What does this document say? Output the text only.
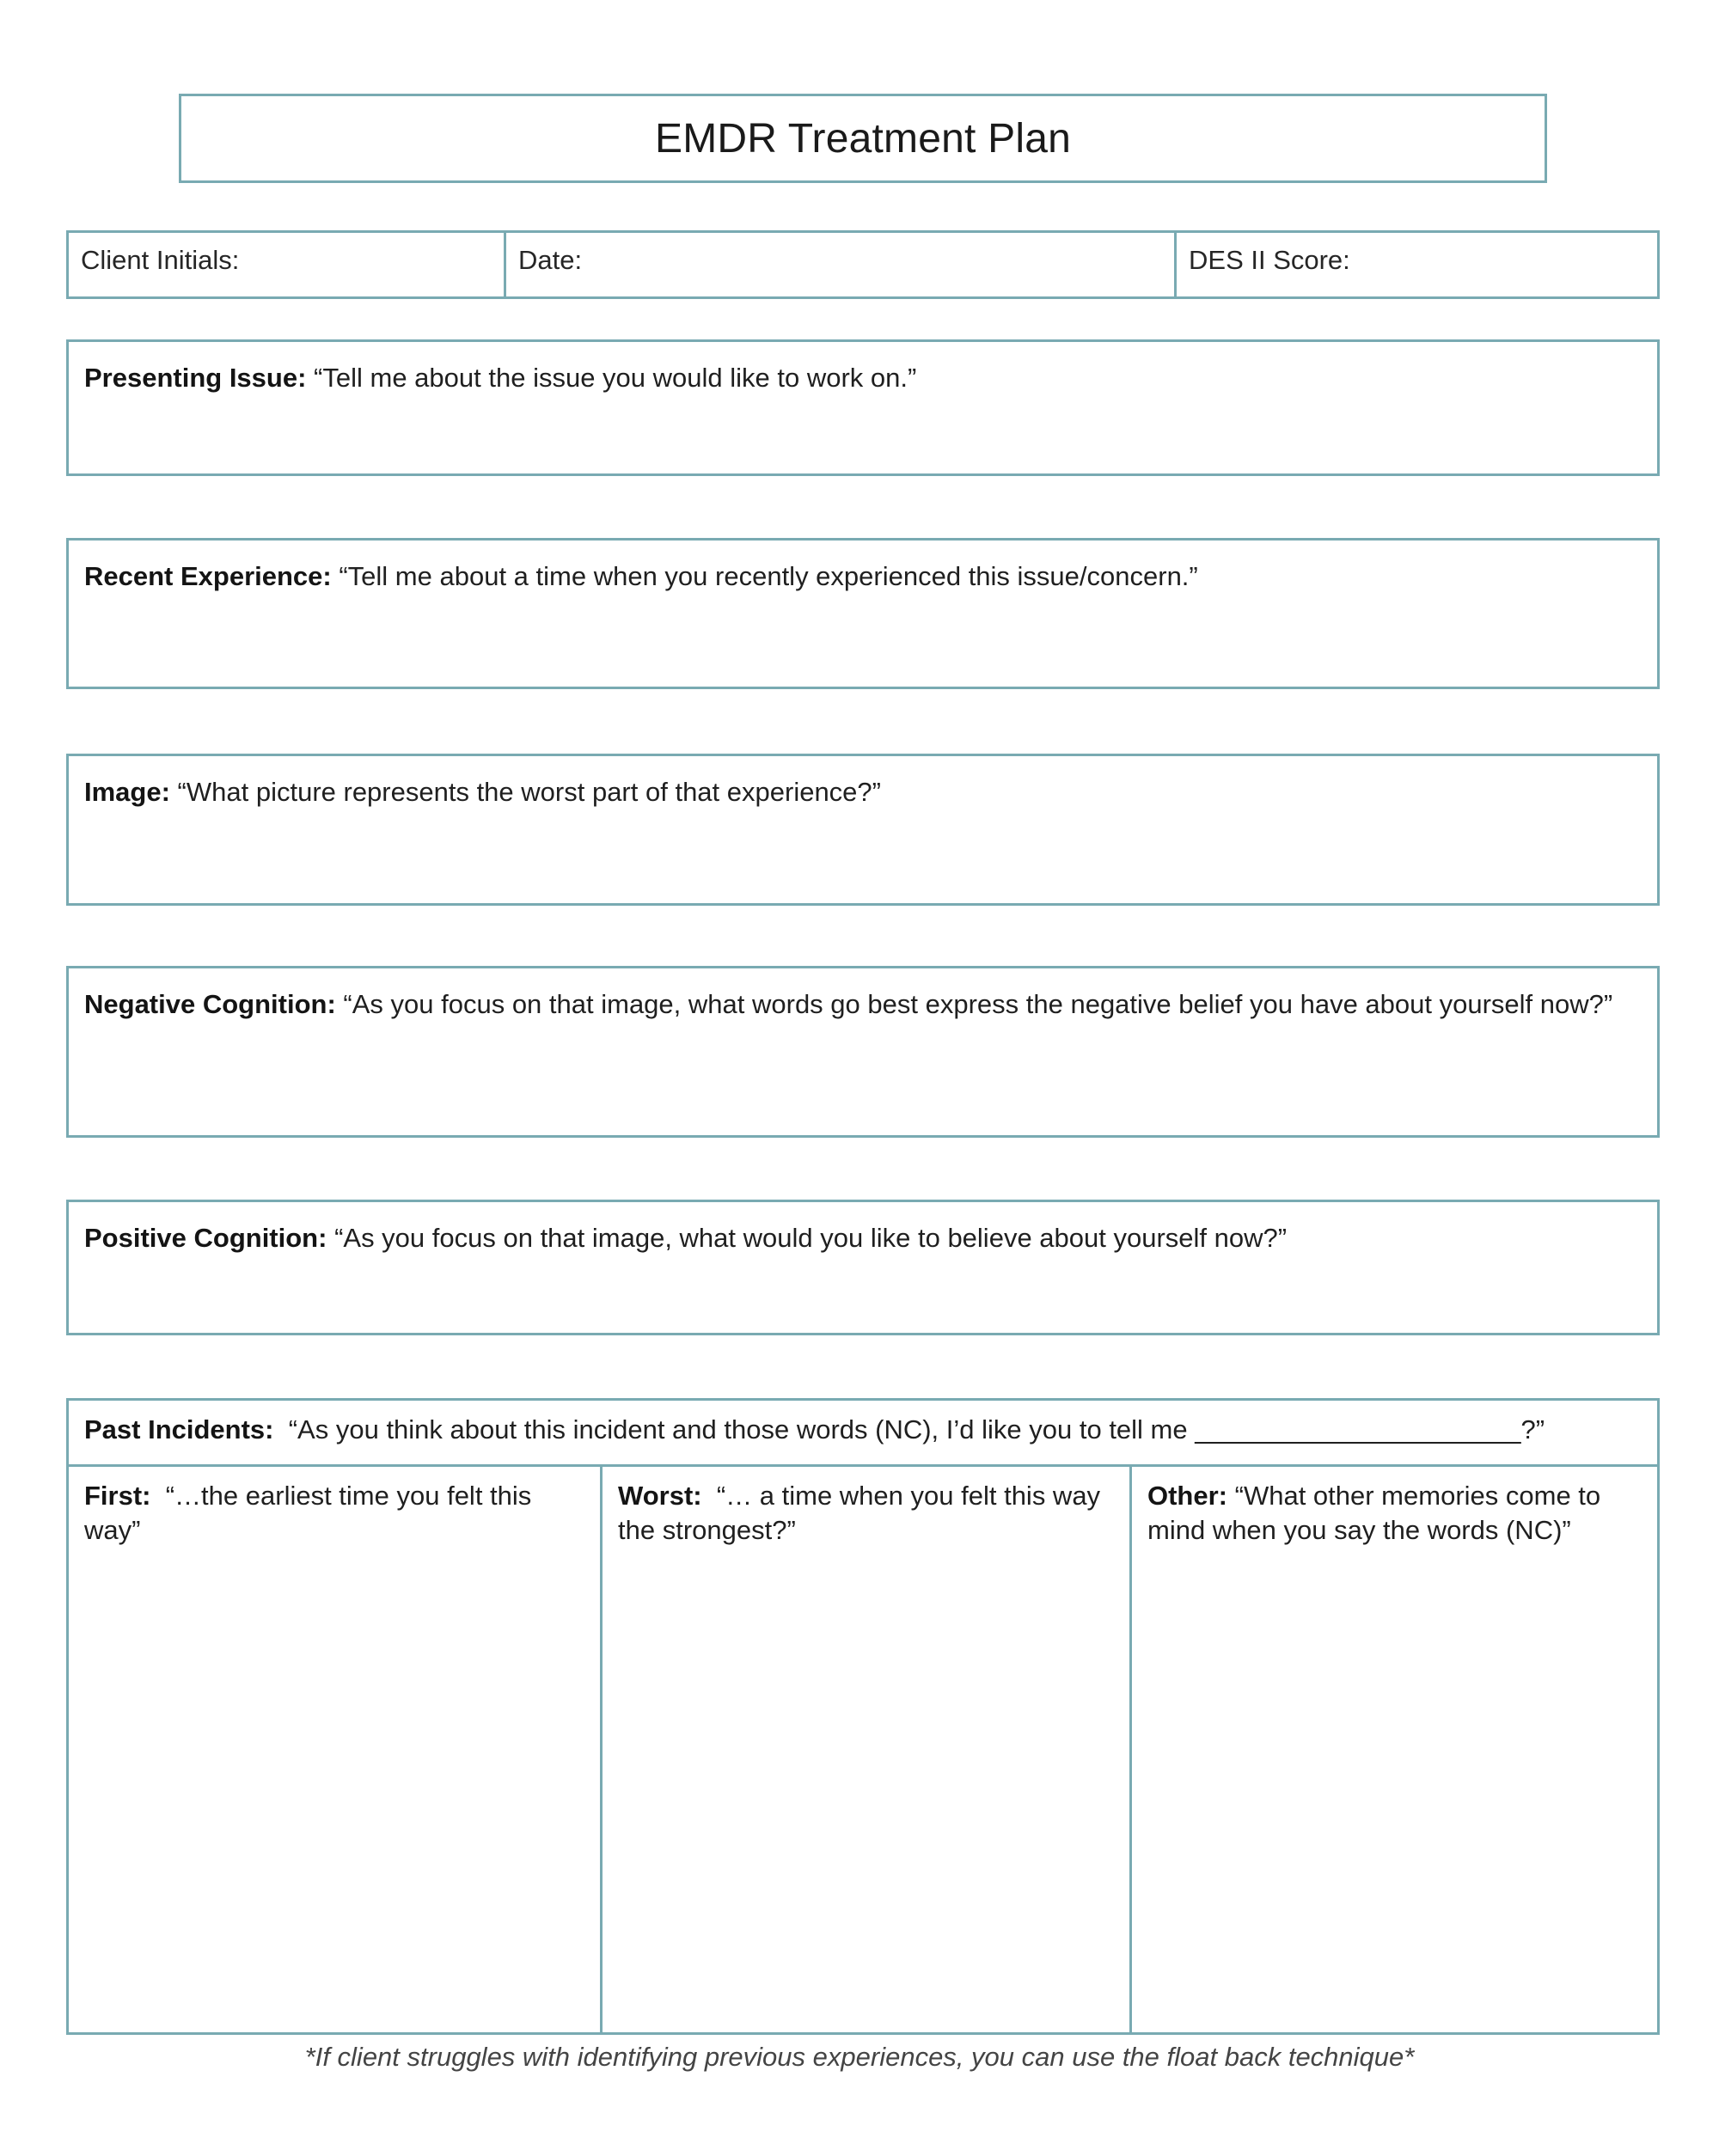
EMDR Treatment Plan
Client Initials:	Date:	DES II Score:
Presenting Issue: “Tell me about the issue you would like to work on.”
Recent Experience: “Tell me about a time when you recently experienced this issue/concern.”
Image: “What picture represents the worst part of that experience?”
Negative Cognition: “As you focus on that image, what words go best express the negative belief you have about yourself now?”
Positive Cognition: “As you focus on that image, what would you like to believe about yourself now?”
Past Incidents: “As you think about this incident and those words (NC), I’d like you to tell me ______________________?”
First: “…the earliest time you felt this way”
Worst: “… a time when you felt this way the strongest?”
Other: “What other memories come to mind when you say the words (NC)”
*If client struggles with identifying previous experiences, you can use the float back technique*
